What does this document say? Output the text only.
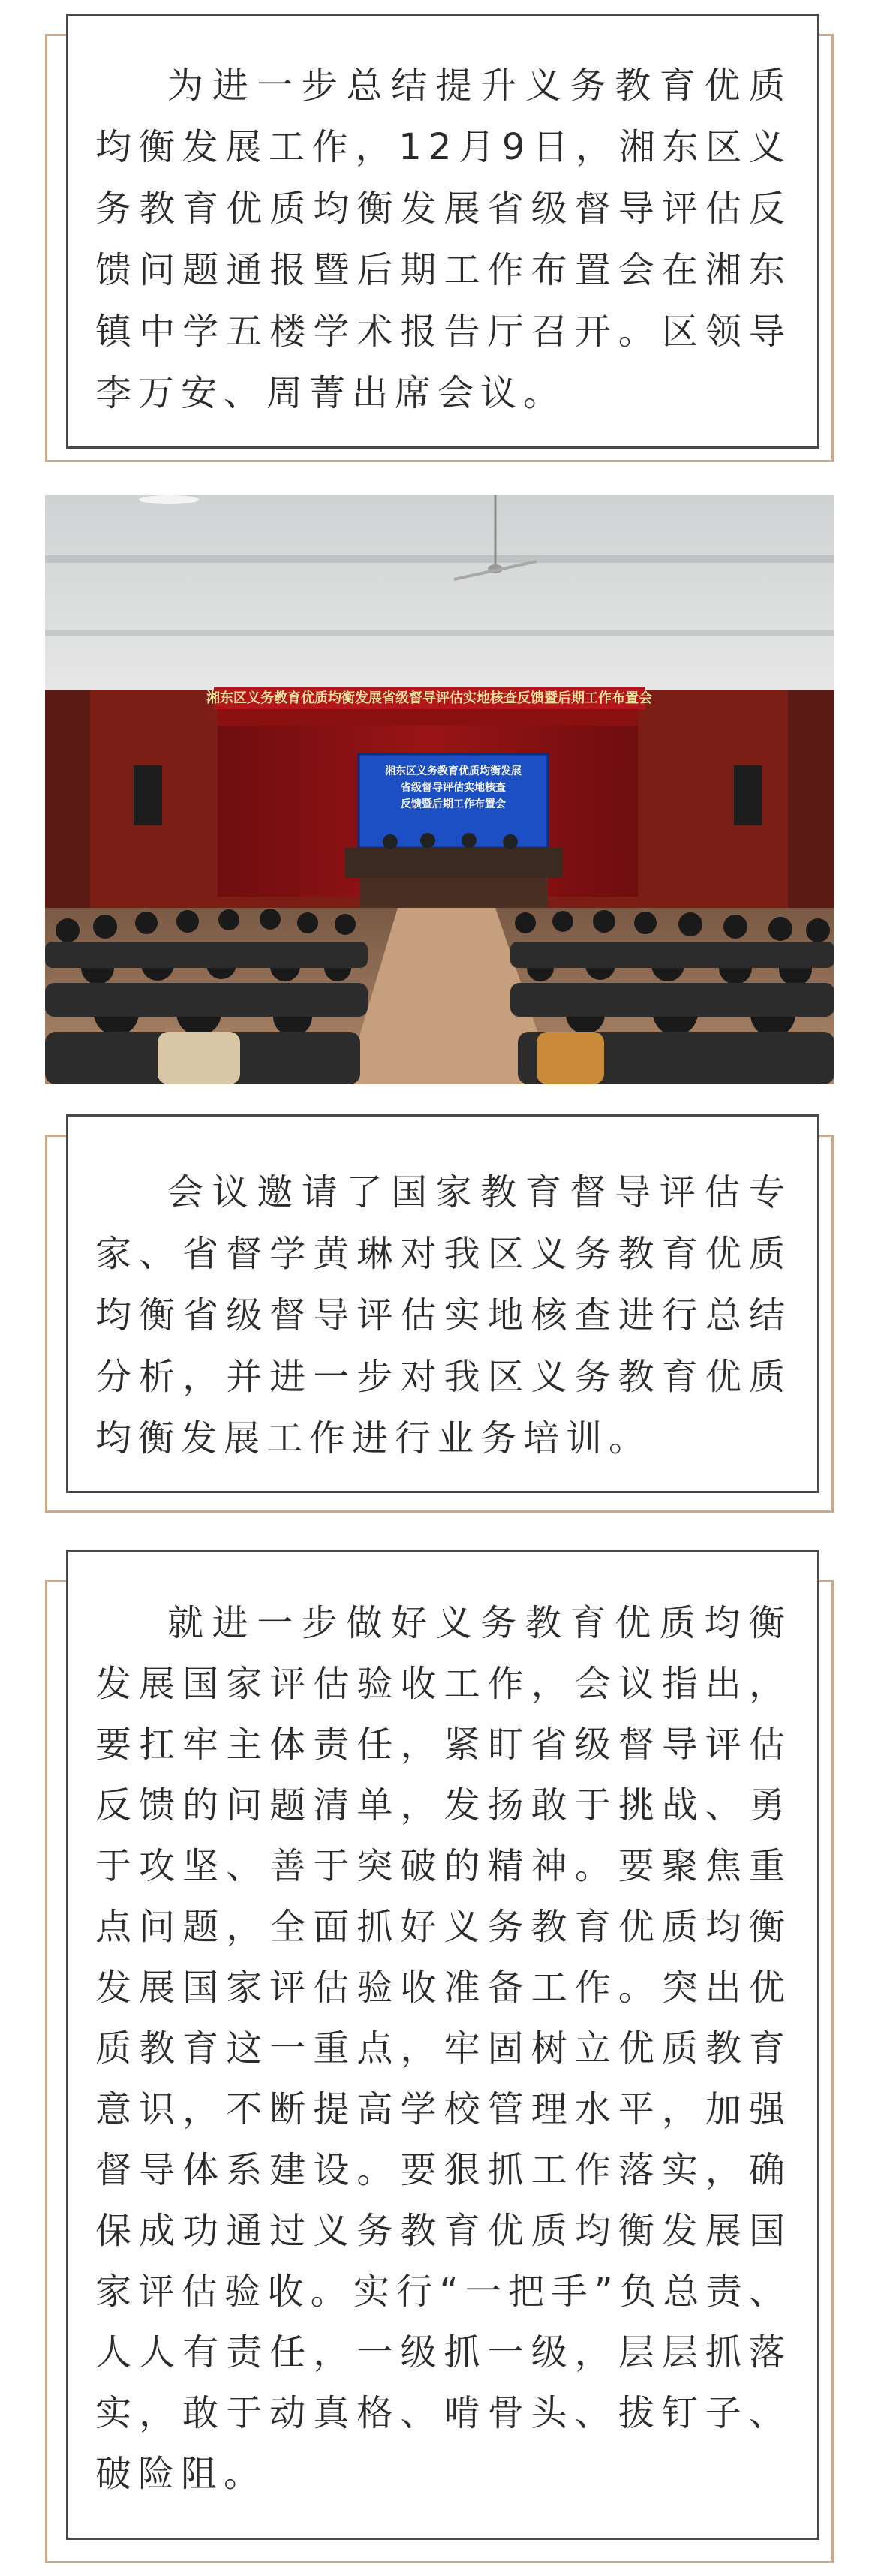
为进一步总结提升义务教育优质均衡发展工作，12月9日，湘东区义务教育优质均衡发展省级督导评估反馈问题通报暨后期工作布置会在湘东镇中学五楼学术报告厅召开。区领导李万安、周菁出席会议。

湘东区义务教育优质均衡发展省级督导评估实地核查反馈暨后期工作布置会
湘东区义务教育优质均衡发展
省级督导评估实地核查
反馈暨后期工作布置会

会议邀请了国家教育督导评估专家、省督学黄琳对我区义务教育优质均衡省级督导评估实地核查进行总结分析，并进一步对我区义务教育优质均衡发展工作进行业务培训。

就进一步做好义务教育优质均衡发展国家评估验收工作，会议指出，要扛牢主体责任，紧盯省级督导评估反馈的问题清单，发扬敢于挑战、勇于攻坚、善于突破的精神。要聚焦重点问题，全面抓好义务教育优质均衡发展国家评估验收准备工作。突出优质教育这一重点，牢固树立优质教育意识，不断提高学校管理水平，加强督导体系建设。要狠抓工作落实，确保成功通过义务教育优质均衡发展国家评估验收。实行“一把手”负总责、人人有责任，一级抓一级，层层抓落实，敢于动真格、啃骨头、拔钉子、破险阻。
